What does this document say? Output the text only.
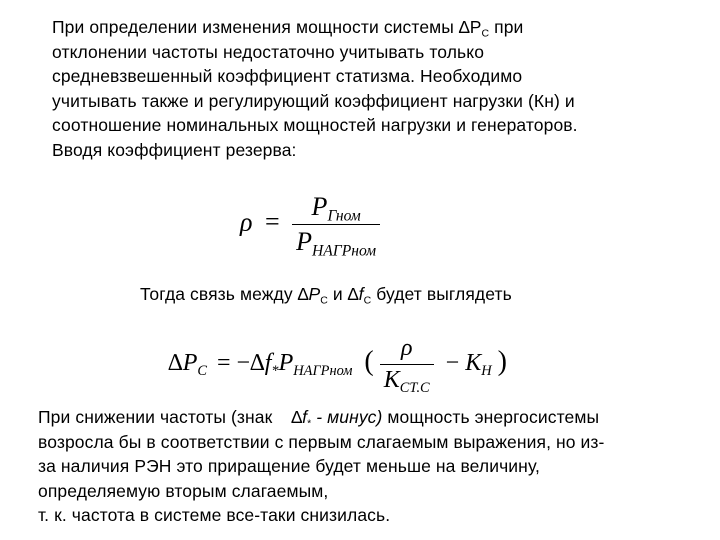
При определении изменения мощности системы $\Delta P_С$ при
отклонении частоты недостаточно учитывать только
средневзвешенный коэффициент статизма. Необходимо
учитывать также и регулирующий коэффициент нагрузки (Кн) и
соотношение номинальных мощностей нагрузки и генераторов.
Вводя коэффициент резерва:
$\rho = \frac{P_{Гном}}{P_{НАГРном}}$
Тогда связь между $\Delta P_С$ и $\Delta f_С$ будет выглядеть
$\Delta P_C = -\Delta f_*P_{НАГРном}$ ( $\frac{\rho}{K_{СТ.С}} - K_Н$ )
При снижении частоты (знак $\Delta f_*$ - минус) мощность энергосистемы
возросла бы в соответствии с первым слагаемым выражения, но из-
за наличия РЭН это приращение будет меньше на величину,
определяемую вторым слагаемым,
т. к. частота в системе все-таки снизилась.
